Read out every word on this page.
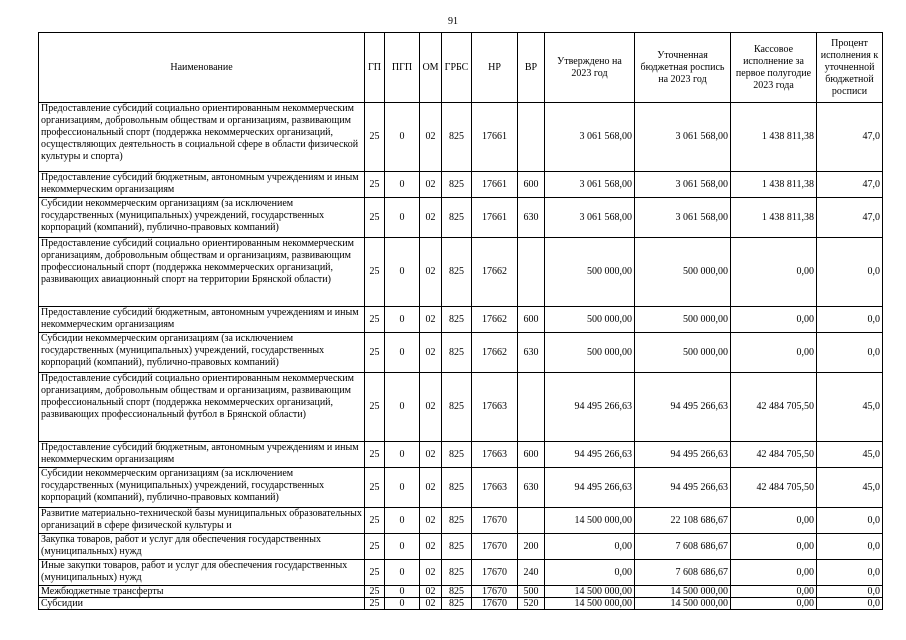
91
Наименование	ГП	ПГП	ОМ	ГРБС	НР	ВР	Утверждено на 2023 год	Уточненная бюджетная роспись на 2023 год	Кассовое исполнение за первое полугодие 2023 года	Процент исполнения к уточненной бюджетной росписи
Предоставление субсидий социально ориентированным некоммерческим организациям, добровольным обществам и организациям, развивающим профессиональный спорт (поддержка некоммерческих организаций, осуществляющих деятельность в социальной сфере в области физической культуры и спорта)	25	0	02	825	17661		3 061 568,00	3 061 568,00	1 438 811,38	47,0
Предоставление субсидий бюджетным, автономным учреждениям и иным некоммерческим организациям	25	0	02	825	17661	600	3 061 568,00	3 061 568,00	1 438 811,38	47,0
Субсидии некоммерческим организациям (за исключением государственных (муниципальных) учреждений, государственных корпораций (компаний), публично-правовых компаний)	25	0	02	825	17661	630	3 061 568,00	3 061 568,00	1 438 811,38	47,0
Предоставление субсидий социально ориентированным некоммерческим организациям, добровольным обществам и организациям, развивающим профессиональный спорт (поддержка некоммерческих организаций, развивающих авиационный спорт на территории Брянской области)	25	0	02	825	17662		500 000,00	500 000,00	0,00	0,0
Предоставление субсидий бюджетным, автономным учреждениям и иным некоммерческим организациям	25	0	02	825	17662	600	500 000,00	500 000,00	0,00	0,0
Субсидии некоммерческим организациям (за исключением государственных (муниципальных) учреждений, государственных корпораций (компаний), публично-правовых компаний)	25	0	02	825	17662	630	500 000,00	500 000,00	0,00	0,0
Предоставление субсидий социально ориентированным некоммерческим организациям, добровольным обществам и организациям, развивающим профессиональный спорт (поддержка некоммерческих организаций, развивающих профессиональный футбол в Брянской области)	25	0	02	825	17663		94 495 266,63	94 495 266,63	42 484 705,50	45,0
Предоставление субсидий бюджетным, автономным учреждениям и иным некоммерческим организациям	25	0	02	825	17663	600	94 495 266,63	94 495 266,63	42 484 705,50	45,0
Субсидии некоммерческим организациям (за исключением государственных (муниципальных) учреждений, государственных корпораций (компаний), публично-правовых компаний)	25	0	02	825	17663	630	94 495 266,63	94 495 266,63	42 484 705,50	45,0
Развитие материально-технической базы муниципальных образовательных организаций в сфере физической культуры и	25	0	02	825	17670		14 500 000,00	22 108 686,67	0,00	0,0
Закупка товаров, работ и услуг для обеспечения государственных (муниципальных) нужд	25	0	02	825	17670	200	0,00	7 608 686,67	0,00	0,0
Иные закупки товаров, работ и услуг для обеспечения государственных (муниципальных) нужд	25	0	02	825	17670	240	0,00	7 608 686,67	0,00	0,0
Межбюджетные трансферты	25	0	02	825	17670	500	14 500 000,00	14 500 000,00	0,00	0,0
Субсидии	25	0	02	825	17670	520	14 500 000,00	14 500 000,00	0,00	0,0
